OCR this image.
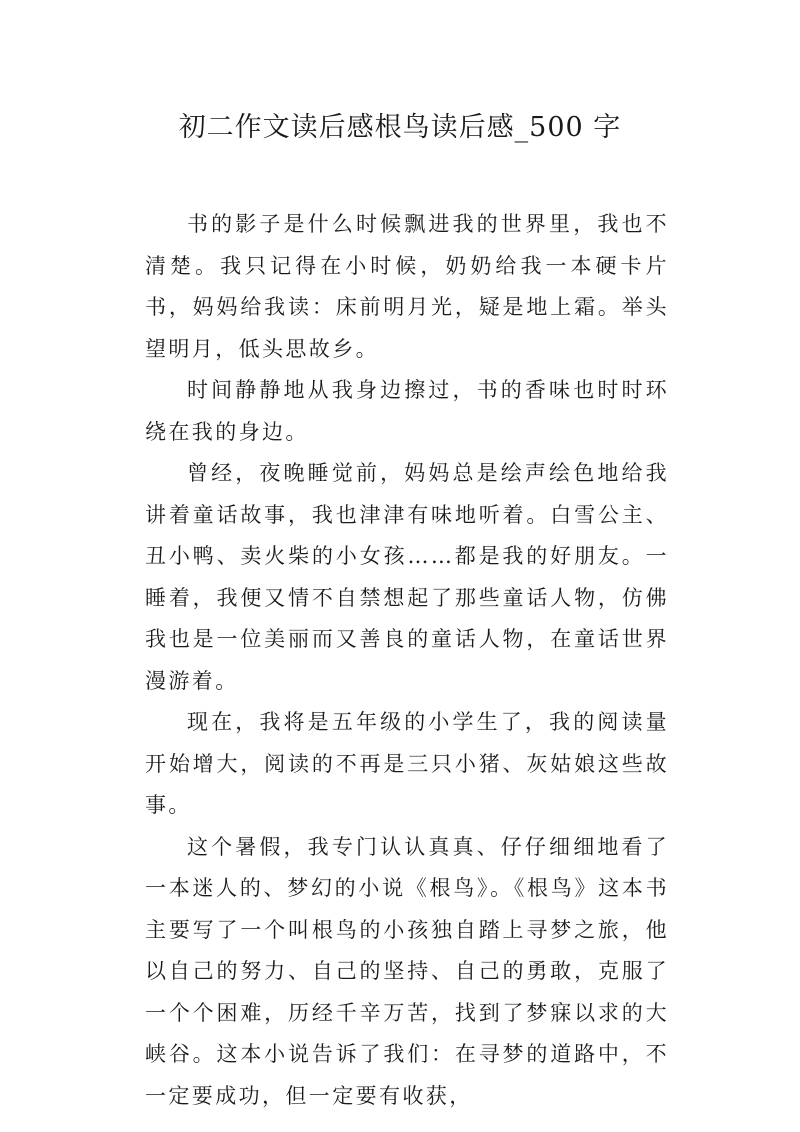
初二作文读后感根鸟读后感_500 字

书的影子是什么时候飘进我的世界里，我也不清楚。我只记得在小时候，奶奶给我一本硬卡片书，妈妈给我读：床前明月光，疑是地上霜。举头望明月，低头思故乡。

时间静静地从我身边擦过，书的香味也时时环绕在我的身边。

曾经，夜晚睡觉前，妈妈总是绘声绘色地给我讲着童话故事，我也津津有味地听着。白雪公主、丑小鸭、卖火柴的小女孩……都是我的好朋友。一睡着，我便又情不自禁想起了那些童话人物，仿佛我也是一位美丽而又善良的童话人物，在童话世界漫游着。

现在，我将是五年级的小学生了，我的阅读量开始增大，阅读的不再是三只小猪、灰姑娘这些故事。

这个暑假，我专门认认真真、仔仔细细地看了一本迷人的、梦幻的小说《根鸟》。《根鸟》这本书主要写了一个叫根鸟的小孩独自踏上寻梦之旅，他以自己的努力、自己的坚持、自己的勇敢，克服了一个个困难，历经千辛万苦，找到了梦寐以求的大峡谷。这本小说告诉了我们：在寻梦的道路中，不一定要成功，但一定要有收获，
